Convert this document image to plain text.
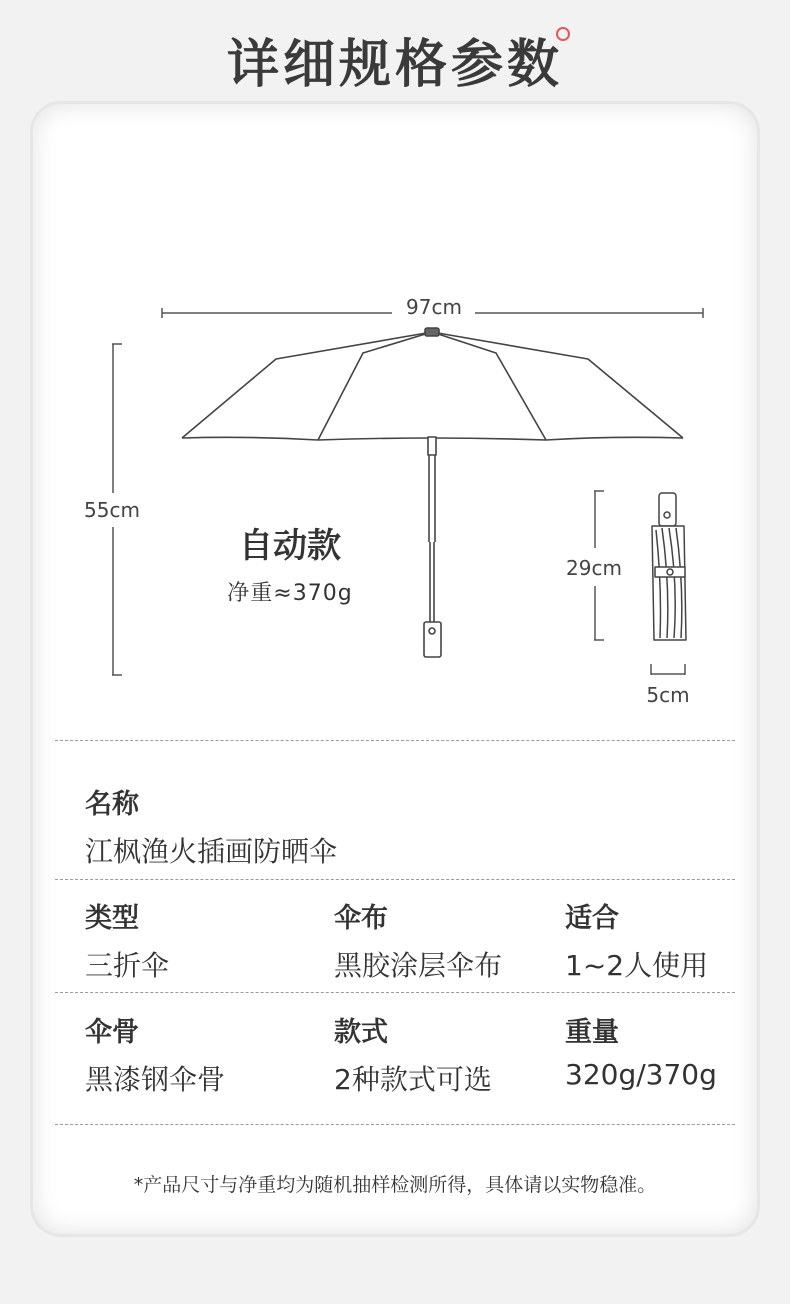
详细规格参数
97cm
55cm
29cm
5cm
自动款
净重≈370g
名称
江枫渔火插画防晒伞
类型
三折伞
伞布
黑胶涂层伞布
适合
1~2人使用
伞骨
黑漆钢伞骨
款式
2种款式可选
重量
320g/370g
*产品尺寸与净重均为随机抽样检测所得，具体请以实物稳准。
